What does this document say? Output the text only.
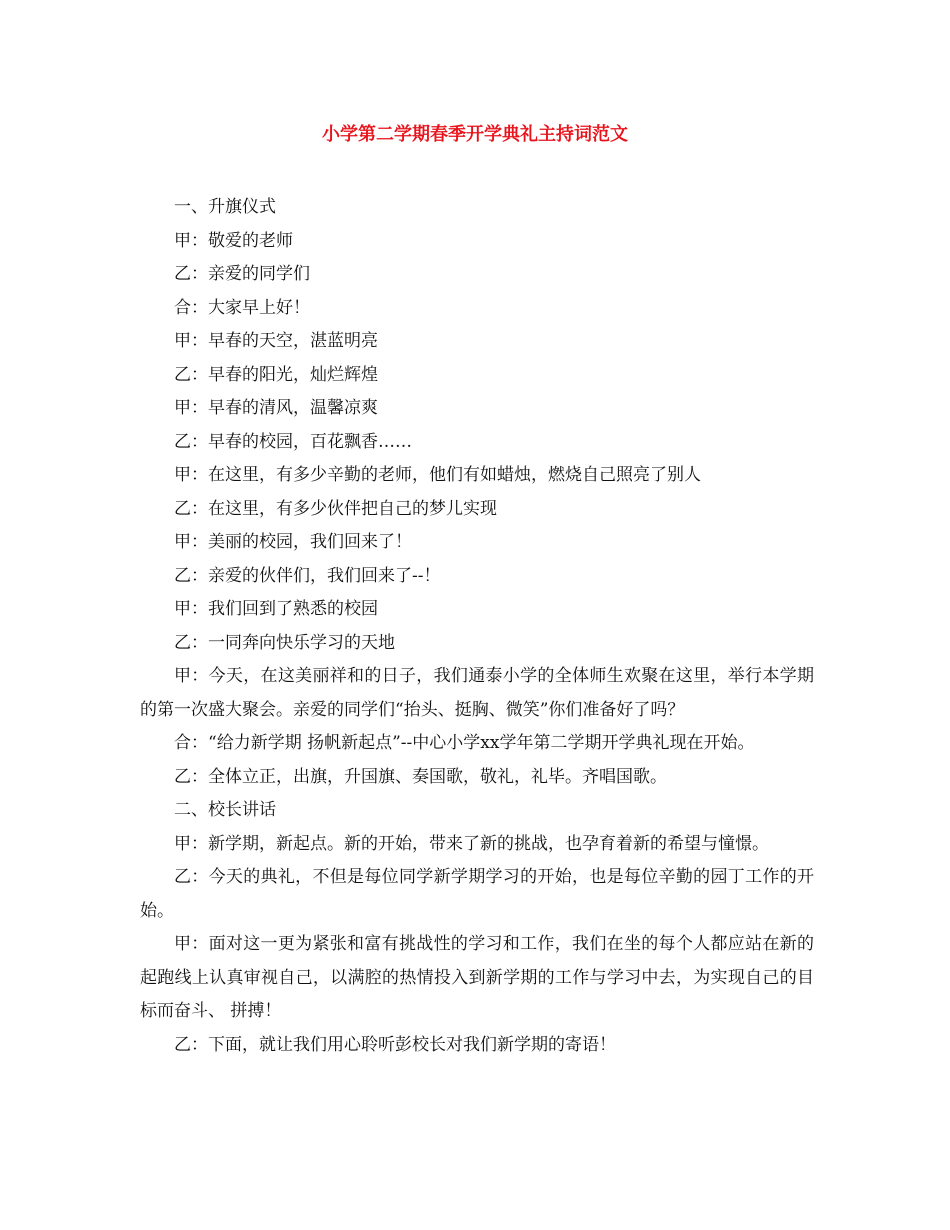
小学第二学期春季开学典礼主持词范文

一、升旗仪式

甲：敬爱的老师

乙：亲爱的同学们

合：大家早上好！

甲：早春的天空，湛蓝明亮

乙：早春的阳光，灿烂辉煌

甲：早春的清风，温馨凉爽

乙：早春的校园，百花飘香……

甲：在这里，有多少辛勤的老师，他们有如蜡烛，燃烧自己照亮了别人

乙：在这里，有多少伙伴把自己的梦儿实现

甲：美丽的校园，我们回来了！

乙：亲爱的伙伴们，我们回来了--！

甲：我们回到了熟悉的校园

乙：一同奔向快乐学习的天地

甲：今天，在这美丽祥和的日子，我们通泰小学的全体师生欢聚在这里，举行本学期的第一次盛大聚会。亲爱的同学们“抬头、挺胸、微笑”你们准备好了吗？

合：“给力新学期 扬帆新起点”--中心小学xx学年第二学期开学典礼现在开始。

乙：全体立正，出旗，升国旗、奏国歌，敬礼，礼毕。齐唱国歌。

二、校长讲话

甲：新学期，新起点。新的开始，带来了新的挑战，也孕育着新的希望与憧憬。

乙：今天的典礼，不但是每位同学新学期学习的开始，也是每位辛勤的园丁工作的开始。

甲：面对这一更为紧张和富有挑战性的学习和工作，我们在坐的每个人都应站在新的起跑线上认真审视自己，以满腔的热情投入到新学期的工作与学习中去，为实现自己的目标而奋斗、 拼搏！

乙：下面，就让我们用心聆听彭校长对我们新学期的寄语！
